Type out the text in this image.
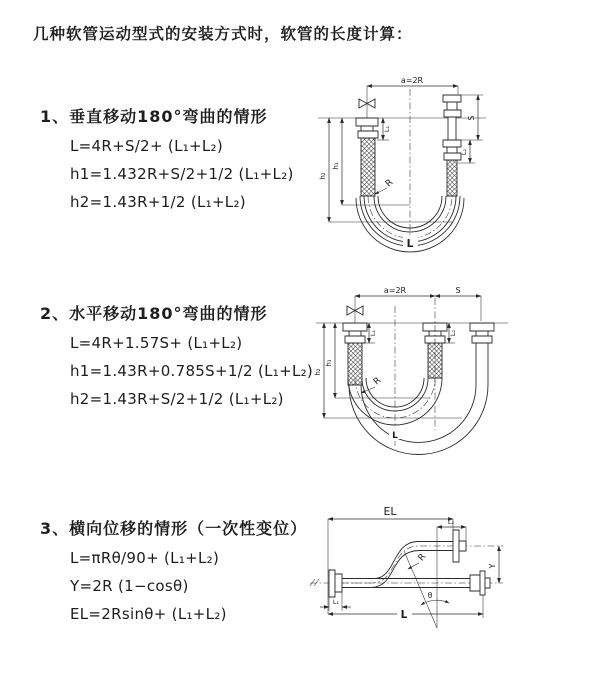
几种软管运动型式的安装方式时，软管的长度计算：
1、垂直移动180°弯曲的情形
L=4R+S/2+ (L₁+L₂)
h1=1.432R+S/2+1/2 (L₁+L₂)
h2=1.43R+1/2 (L₁+L₂)
2、水平移动180°弯曲的情形
L=4R+1.57S+ (L₁+L₂)
h1=1.43R+0.785S+1/2 (L₁+L₂)
h2=1.43R+S/2+1/2 (L₁+L₂)
3、横向位移的情形（一次性变位）
L=πRθ/90+ (L₁+L₂)
Y=2R (1−cosθ)
EL=2Rsinθ+ (L₁+L₂)
a=2R
h₁
h₂
L₁
S
L₂
R
L
a=2R	S
h₁
h₂
L₁	L₂
R
L
EL
L₂
Y
R
θ
L₁
L
